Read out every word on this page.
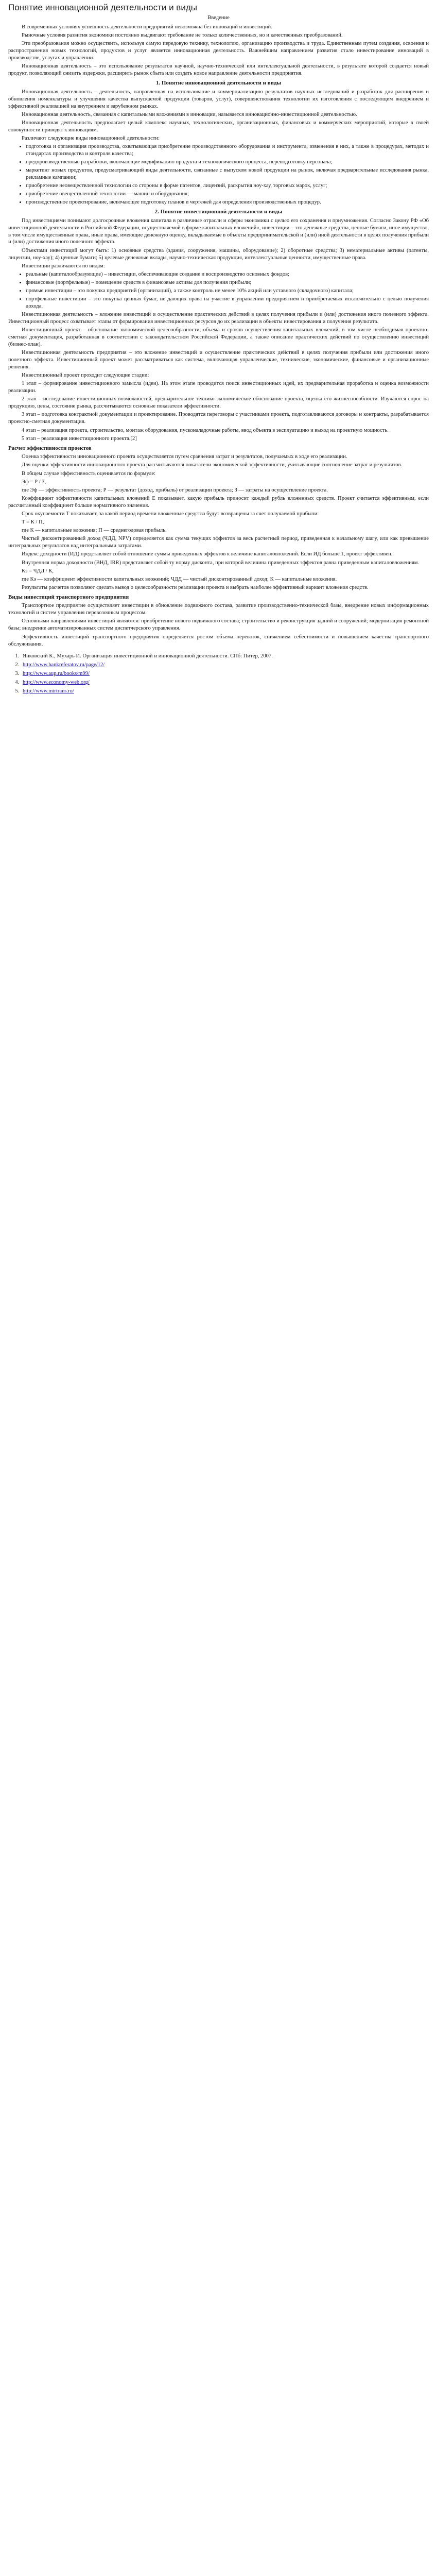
Понятие инновационной деятельности и виды
Введение

В современных условиях успешность деятельности предприятий невозможна без инноваций и инвестиций.

Рыночные условия развития экономики постоянно выдвигают требование не только количественных, но и качественных преобразований.

Эти преобразования можно осуществить, используя самую передовую технику, технологию, организацию производства и труда. Единственным путем создания, освоения и распространения новых технологий, продуктов и услуг является инновационная деятельность. Важнейшим направлением развития стало инвестирование инноваций в производстве, услугах и управлении.

Инновационная деятельность – это использование результатов научной, научно-технической или интеллектуальной деятельности, в результате которой создается новый продукт, позволяющий снизить издержки, расширить рынок сбыта или создать новое направление деятельности предприятия.

1. Понятие инновационной деятельности и виды

Инновационная деятельность – деятельность, направленная на использование и коммерциализацию результатов научных исследований и разработок для расширения и обновления номенклатуры и улучшения качества выпускаемой продукции (товаров, услуг), совершенствования технологии их изготовления с последующим внедрением и эффективной реализацией на внутреннем и зарубежном рынках.

Инновационная деятельность, связанная с капитальными вложениями в инновации, называется инновационно-инвестиционной деятельностью.

Инновационная деятельность предполагает целый комплекс научных, технологических, организационных, финансовых и коммерческих мероприятий, которые в своей совокупности приводят к инновациям.

Различают следующие виды инновационной деятельности:

• подготовка и организация производства, охватывающая приобретение производственного оборудования и инструмента, изменения в них, а также в процедурах, методах и стандартах производства и контроля качества;
• предпроизводственные разработки, включающие модификацию продукта и технологического процесса, переподготовку персонала;
• маркетинг новых продуктов, предусматривающий виды деятельности, связанные с выпуском новой продукции на рынок, включая предварительные исследования рынка, рекламные кампании;
• приобретение неовеществленной технологии со стороны в форме патентов, лицензий, раскрытия ноу-хау, торговых марок, услуг;
• приобретение овеществленной технологии — машин и оборудования;
• производственное проектирование, включающее подготовку планов и чертежей для определения производственных процедур.
2. Понятие инвестиционной деятельности и виды

Под инвестициями понимают долгосрочные вложения капитала в различные отрасли и сферы экономики с целью его сохранения и приумножения. Согласно Закону РФ «Об инвестиционной деятельности в Российской Федерации, осуществляемой в форме капитальных вложений», инвестиции – это денежные средства, ценные бумаги, иное имущество, в том числе имущественные права, иные права, имеющие денежную оценку, вкладываемые в объекты предпринимательской и (или) иной деятельности в целях получения прибыли и (или) достижения иного полезного эффекта.

Объектами инвестиций могут быть: 1) основные средства (здания, сооружения, машины, оборудование); 2) оборотные средства; 3) нематериальные активы (патенты, лицензии, ноу-хау); 4) ценные бумаги; 5) целевые денежные вклады, научно-техническая продукция, интеллектуальные ценности, имущественные права.

Инвестиции различаются по видам:

• реальные (капиталообразующие) – инвестиции, обеспечивающие создание и воспроизводство основных фондов;
• финансовые (портфельные) – помещение средств в финансовые активы для получения прибыли;
• прямые инвестиции – это покупка предприятий (организаций), а также контроль не менее 10% акций или уставного (складочного) капитала;
• портфельные инвестиции – это покупка ценных бумаг, не дающих права на участие в управлении предприятием и приобретаемых исключительно с целью получения дохода.

Инвестиционная деятельность – вложение инвестиций и осуществление практических действий в целях получения прибыли и (или) достижения иного полезного эффекта. Инвестиционный процесс охватывает этапы от формирования инвестиционных ресурсов до их реализации в объекты инвестирования и получения результата.

Инвестиционный проект – обоснование экономической целесообразности, объема и сроков осуществления капитальных вложений, в том числе необходимая проектно-сметная документация, разработанная в соответствии с законодательством Российской Федерации, а также описание практических действий по осуществлению инвестиций (бизнес-план).

Инвестиционная деятельность предприятия – это вложение инвестиций и осуществление практических действий в целях получения прибыли или достижения иного полезного эффекта. Инвестиционный проект может рассматриваться как система, включающая управленческие, технические, экономические, финансовые и организационные решения.

Инвестиционный проект проходит следующие стадии:

1 этап – формирование инвестиционного замысла (идеи). На этом этапе проводится поиск инвестиционных идей, их предварительная проработка и оценка возможности реализации.

2 этап – исследование инвестиционных возможностей, предварительное технико-экономическое обоснование проекта, оценка его жизнеспособности. Изучаются спрос на продукцию, цены, состояние рынка, рассчитываются основные показатели эффективности.

3 этап – подготовка контрактной документации и проектирование. Проводятся переговоры с участниками проекта, подготавливаются договоры и контракты, разрабатывается проектно-сметная документация.

4 этап – реализация проекта, строительство, монтаж оборудования, пусконаладочные работы, ввод объекта в эксплуатацию и выход на проектную мощность.

5 этап – реализация инвестиционного проекта.[2]

Расчет эффективности проектов

Оценка эффективности инновационного проекта осуществляется путем сравнения затрат и результатов, получаемых в ходе его реализации.

Для оценки эффективности инновационного проекта рассчитываются показатели экономической эффективности, учитывающие соотношение затрат и результатов.

В общем случае эффективность оценивается по формуле:

Эф = Р / З,

где Эф — эффективность проекта; Р — результат (доход, прибыль) от реализации проекта; З — затраты на осуществление проекта.

Коэффициент эффективности капитальных вложений Е показывает, какую прибыль приносит каждый рубль вложенных средств. Проект считается эффективным, если рассчитанный коэффициент больше нормативного значения.

Срок окупаемости Т показывает, за какой период времени вложенные средства будут возвращены за счет получаемой прибыли:

Т = К / П,

где К — капитальные вложения; П — среднегодовая прибыль.

Чистый дисконтированный доход (ЧДД, NPV) определяется как сумма текущих эффектов за весь расчетный период, приведенная к начальному шагу, или как превышение интегральных результатов над интегральными затратами.

Индекс доходности (ИД) представляет собой отношение суммы приведенных эффектов к величине капиталовложений. Если ИД больше 1, проект эффективен.

Внутренняя норма доходности (ВНД, IRR) представляет собой ту норму дисконта, при которой величина приведенных эффектов равна приведенным капиталовложениям.

Кэ = ЧДД / К,

где Кэ — коэффициент эффективности капитальных вложений; ЧДД — чистый дисконтированный доход; К — капитальные вложения.

Результаты расчетов позволяют сделать вывод о целесообразности реализации проекта и выбрать наиболее эффективный вариант вложения средств.

Виды инвестиций транспортного предприятия

Транспортное предприятие осуществляет инвестиции в обновление подвижного состава, развитие производственно-технической базы, внедрение новых информационных технологий и систем управления перевозочным процессом.

Основными направлениями инвестиций являются: приобретение нового подвижного состава; строительство и реконструкция зданий и сооружений; модернизация ремонтной базы; внедрение автоматизированных систем диспетчерского управления.

Эффективность инвестиций транспортного предприятия определяется ростом объема перевозок, снижением себестоимости и повышением качества транспортного обслуживания.

1. Янковский К., Мухарь И. Организация инвестиционной и инновационной деятельности. СПб: Питер, 2007.
2. http://www.bankreferatov.ru/page/12/
3. http://www.aup.ru/books/m99/
4. http://www.economy-web.org/
5. http://www.mirtrans.ru/
